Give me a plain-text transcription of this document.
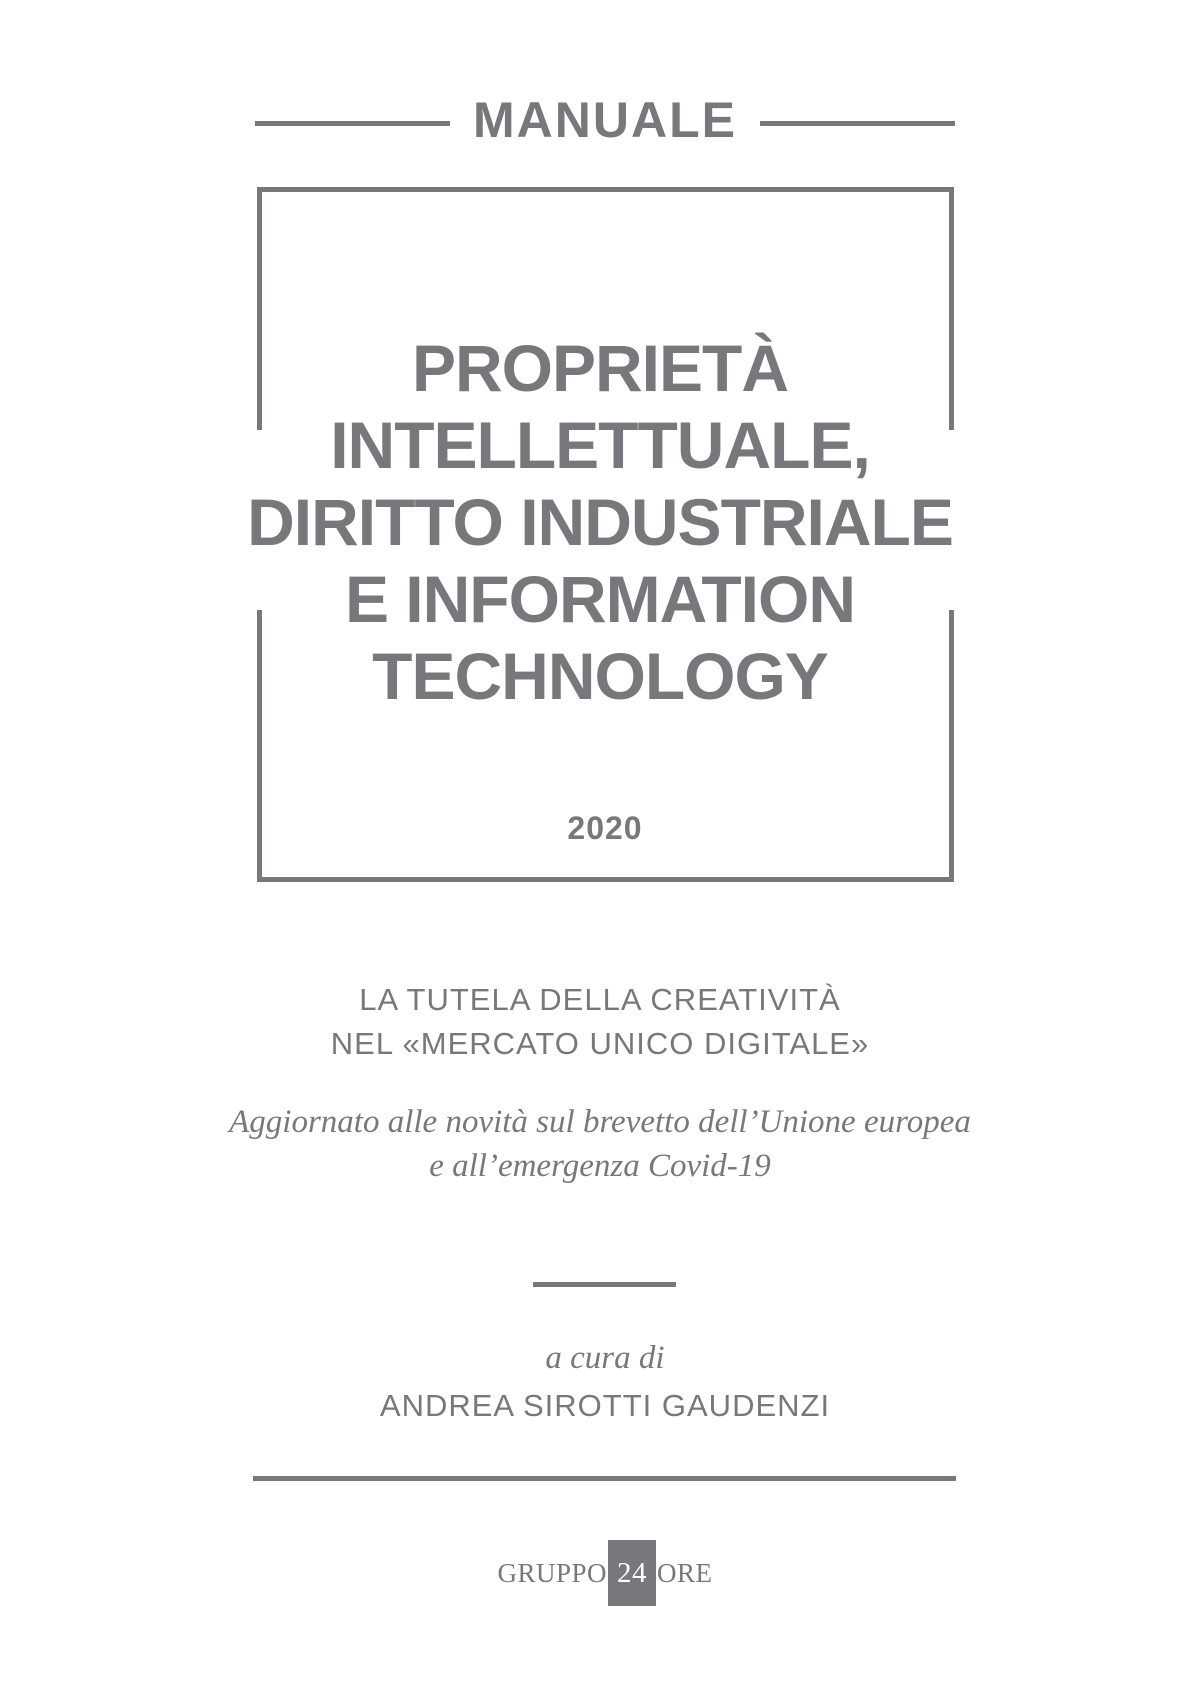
MANUALE
PROPRIETÀ
INTELLETTUALE,
DIRITTO INDUSTRIALE
E INFORMATION
TECHNOLOGY
2020
LA TUTELA DELLA CREATIVITÀ
NEL «MERCATO UNICO DIGITALE»
Aggiornato alle novità sul brevetto dell’Unione europea
e all’emergenza Covid-19
a cura di
ANDREA SIROTTI GAUDENZI
GRUPPO 24 ORE
